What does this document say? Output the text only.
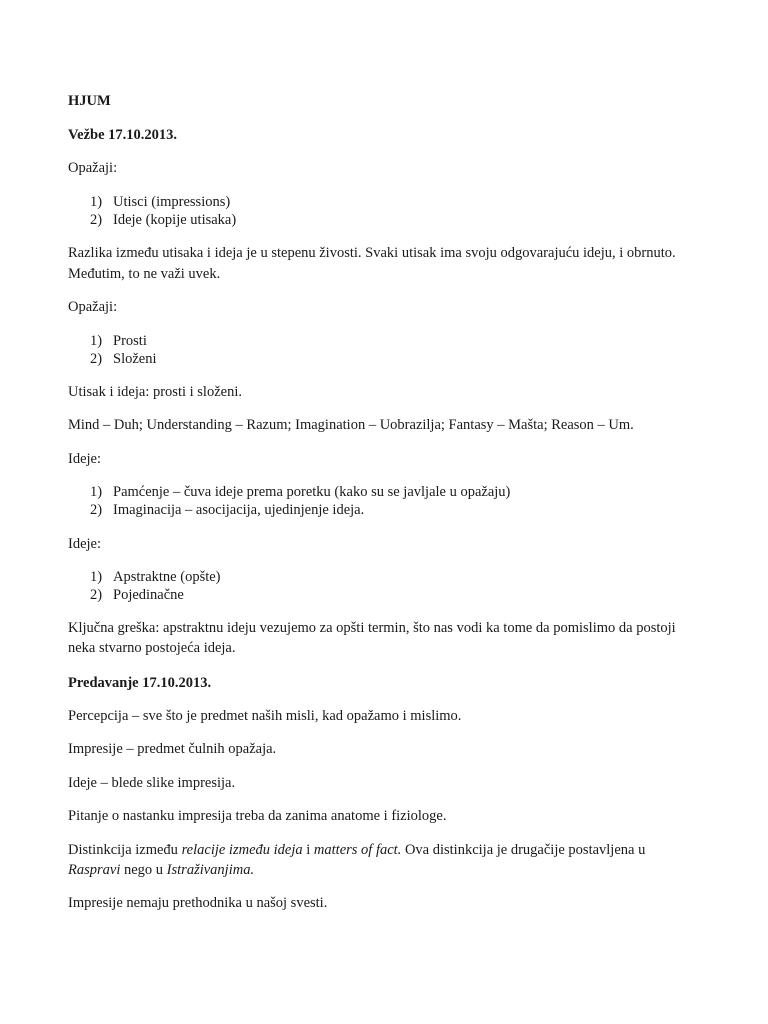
HJUM
Vežbe 17.10.2013.
Opažaji:
1) Utisci (impressions)
2) Ideje (kopije utisaka)
Razlika između utisaka i ideja je u stepenu živosti. Svaki utisak ima svoju odgovarajuću ideju, i obrnuto.
Međutim, to ne važi uvek.
Opažaji:
1) Prosti
2) Složeni
Utisak i ideja: prosti i složeni.
Mind – Duh; Understanding – Razum; Imagination – Uobrazilja; Fantasy – Mašta; Reason – Um.
Ideje:
1) Pamćenje – čuva ideje prema poretku (kako su se javljale u opažaju)
2) Imaginacija – asocijacija, ujedinjenje ideja.
Ideje:
1) Apstraktne (opšte)
2) Pojedinačne
Ključna greška: apstraktnu ideju vezujemo za opšti termin, što nas vodi ka tome da pomislimo da postoji
neka stvarno postojeća ideja.
Predavanje 17.10.2013.
Percepcija – sve što je predmet naših misli, kad opažamo i mislimo.
Impresije – predmet čulnih opažaja.
Ideje – blede slike impresija.
Pitanje o nastanku impresija treba da zanima anatome i fiziologe.
Distinkcija između relacije između ideja i matters of fact. Ova distinkcija je drugačije postavljena u
Raspravi nego u Istraživanjima.
Impresije nemaju prethodnika u našoj svesti.
